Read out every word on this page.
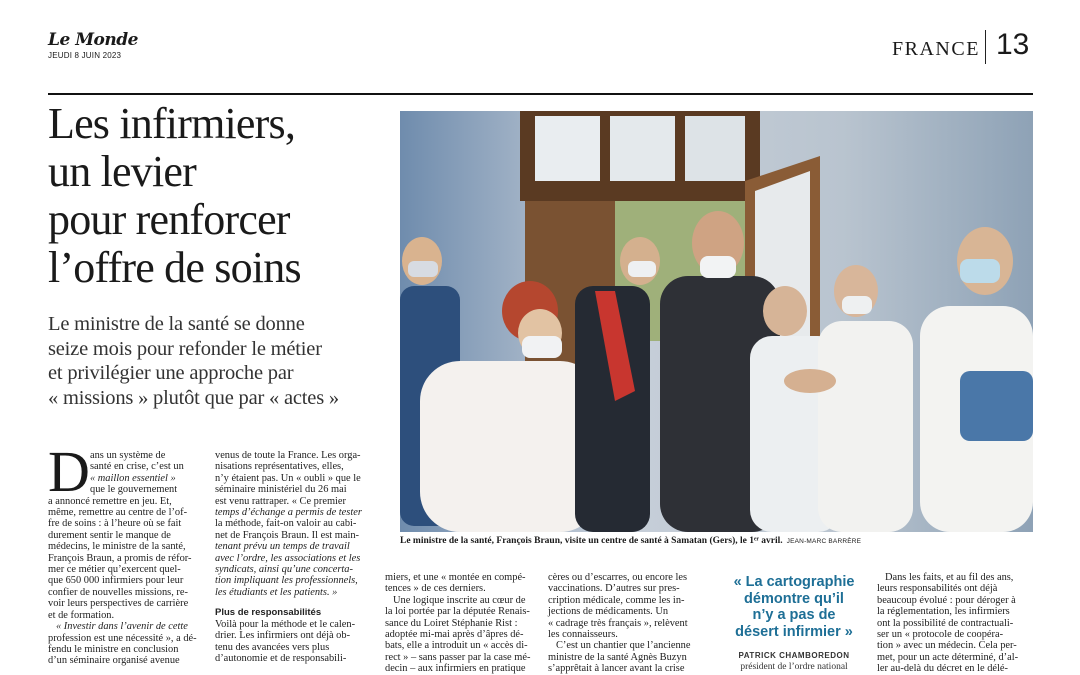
Le Monde
JEUDI 8 JUIN 2023	FRANCE 13
Les infirmiers,
un levier
pour renforcer
l’offre de soins
Le ministre de la santé se donne
seize mois pour refonder le métier
et privilégier une approche par
« missions » plutôt que par « actes »
Le ministre de la santé, François Braun, visite un centre de santé à Samatan (Gers), le 1ᵉʳ avril. JEAN-MARC BARRÈRE
D ans un système de
santé en crise, c’est un
« maillon essentiel »
que le gouvernement
a annoncé remettre en jeu. Et,
même, remettre au centre de l’of-
fre de soins : à l’heure où se fait
durement sentir le manque de
médecins, le ministre de la santé,
François Braun, a promis de réfor-
mer ce métier qu’exercent quel-
que 650 000 infirmiers pour leur
confier de nouvelles missions, re-
voir leurs perspectives de carrière
et de formation.
« Investir dans l’avenir de cette
profession est une nécessité », a dé-
fendu le ministre en conclusion
d’un séminaire organisé avenue
venus de toute la France. Les orga-
nisations représentatives, elles,
n’y étaient pas. Un « oubli » que le
séminaire ministériel du 26 mai
est venu rattraper. « Ce premier
temps d’échange a permis de tester
la méthode, fait-on valoir au cabi-
net de François Braun. Il est main-
tenant prévu un temps de travail
avec l’ordre, les associations et les
syndicats, ainsi qu’une concerta-
tion impliquant les professionnels,
les étudiants et les patients. »
Plus de responsabilités
Voilà pour la méthode et le calen-
drier. Les infirmiers ont déjà ob-
tenu des avancées vers plus
d’autonomie et de responsabili-
miers, et une « montée en compé-
tences » de ces derniers.
Une logique inscrite au cœur de
la loi portée par la députée Renais-
sance du Loiret Stéphanie Rist :
adoptée mi-mai après d’âpres dé-
bats, elle a introduit un « accès di-
rect » – sans passer par la case mé-
decin – aux infirmiers en pratique
cères ou d’escarres, ou encore les
vaccinations. D’autres sur pres-
cription médicale, comme les in-
jections de médicaments. Un
« cadrage très français », relèvent
les connaisseurs.
C’est un chantier que l’ancienne
ministre de la santé Agnès Buzyn
s’apprêtait à lancer avant la crise
« La cartographie
démontre qu’il
n’y a pas de
désert infirmier »
PATRICK CHAMBOREDON
président de l’ordre national
Dans les faits, et au fil des ans,
leurs responsabilités ont déjà
beaucoup évolué : pour déroger à
la réglementation, les infirmiers
ont la possibilité de contractuali-
ser un « protocole de coopéra-
tion » avec un médecin. Cela per-
met, pour un acte déterminé, d’al-
ler au-delà du décret en le délé-
